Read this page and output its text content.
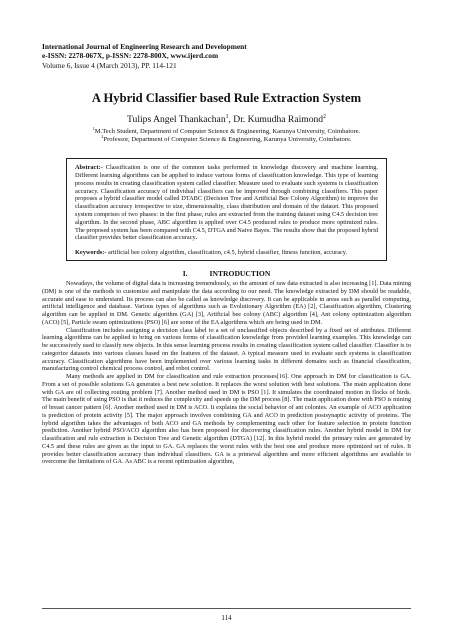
International Journal of Engineering Research and Development
e-ISSN: 2278-067X, p-ISSN: 2278-800X, www.ijerd.com
Volume 6, Issue 4 (March 2013), PP. 114-121
A Hybrid Classifier based Rule Extraction System
Tulips Angel Thankachan$^1$, Dr. Kumudha Raimond$^2$
$^1$M.Tech Student, Department of Computer Science & Engineering, Karunya University, Coimbatore.
$^2$Professor, Department of Computer Science & Engineering, Karunya University, Coimbatore.

Abstract:- Classification is one of the common tasks performed in knowledge discovery and machine learning. Different learning algorithms can be applied to induce various forms of classification knowledge. This type of learning process results in creating classification system called classifier. Measure used to evaluate such systems is classification accuracy. Classification accuracy of individual classifiers can be improved through combining classifiers. This paper proposes a hybrid classifier model called DTABC (Decision Tree and Artificial Bee Colony Algorithm) to improve the classification accuracy irrespective to size, dimensionality, class distribution and domain of the dataset. This proposed system comprises of two phases: in the first phase, rules are extracted from the training dataset using C4.5 decision tree algorithm. In the second phase, ABC algorithm is applied over C4.5 produced rules to produce more optimized rules. The proposed system has been compared with C4.5, DTGA and Naive Bayes. The results show that the proposed hybrid classifier provides better classification accuracy.

Keywords:- artificial bee colony algorithm, classification, c4.5, hybrid classifier, fitness function, accuracy.

I.	INTRODUCTION

Nowadays, the volume of digital data is increasing tremendously, so the amount of raw data extracted is also increasing [1]. Data mining (DM) is one of the methods to customize and manipulate the data according to our need. The knowledge extracted by DM should be readable, accurate and ease to understand. Its process can also be called as knowledge discovery. It can be applicable in areas such as parallel computing, artificial intelligence and database. Various types of algorithms such as Evolutionary Algorithm (EA) [2], Classification algorithm, Clustering algorithm can be applied in DM. Genetic algorithm (GA) [3], Artificial bee colony (ABC) algorithm [4], Ant colony optimization algorithm (ACO) [5], Particle swam optimizations (PSO) [6] are some of the EA algorithms which are being used in DM.

Classification includes assigning a decision class label to a set of unclassified objects described by a fixed set of attributes. Different learning algorithms can be applied to bring on various forms of classification knowledge from provided learning examples. This knowledge can be successively used to classify new objects. In this sense learning process results in creating classification system called classifier. Classifier is to categorize datasets into various classes based on the features of the dataset. A typical measure used to evaluate such systems is classification accuracy. Classification algorithms have been implemented over various learning tasks in different domains such as financial classification, manufacturing control chemical process control, and robot control.

Many methods are applied in DM for classification and rule extraction processes[16]. One approach in DM for classification is GA. From a set of possible solutions GA generates a best new solution. It replaces the worst solution with best solutions. The main application done with GA are oil collecting routing problem [7]. Another method used in DM is PSO [1]. It simulates the coordinated motion in flocks of birds. The main benefit of using PSO is that it reduces the complexity and speeds up the DM process [8]. The main application done with PSO is mining of breast cancer pattern [6]. Another method used in DM is ACO. It explains the social behavior of ant colonies. An example of ACO application is prediction of protein activity [5]. The major approach involves combining GA and ACO in prediction postsynaptic activity of proteins. The hybrid algorithm takes the advantages of both ACO and GA methods by complementing each other for feature selection in protein function prediction. Another hybrid PSO/ACO algorithm also has been proposed for discovering classification rules. Another hybrid model in DM for classification and rule extraction is Decision Tree and Genetic algorithm (DTGA) [12]. In this hybrid model the primary rules are generated by C4.5 and these rules are given as the input to GA. GA replaces the worst rules with the best one and produce more optimized set of rules. It provides better classification accuracy than individual classifiers. GA is a primeval algorithm and more efficient algorithms are available to overcome the limitations of GA. As ABC is a recent optimization algorithm,

114
